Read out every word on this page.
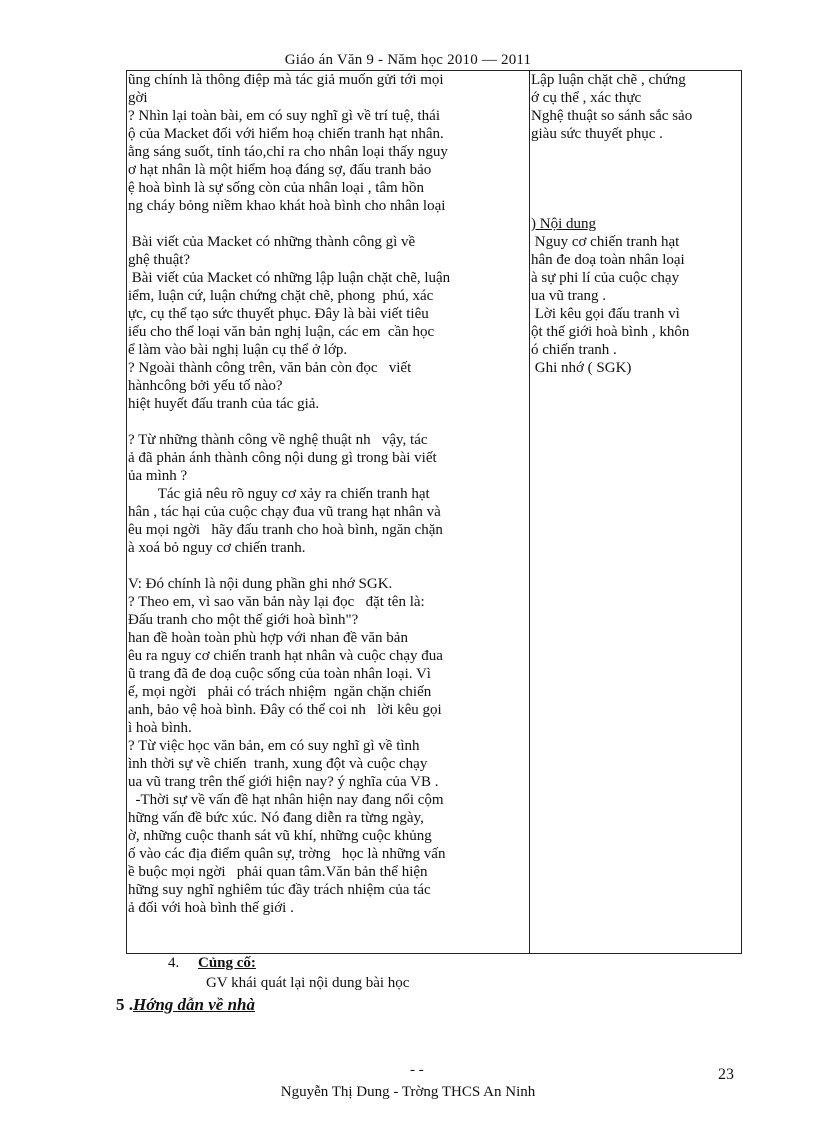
Giáo án Văn 9 - Năm học 2010 — 2011
ũng chính là thông điệp mà tác giả muốn gửi tới mọi
gời
? Nhìn lại toàn bài, em có suy nghĩ gì về trí tuệ, thái
ộ của Macket đối với hiểm hoạ chiến tranh hạt nhân.
ằng sáng suốt, tỉnh táo,chỉ ra cho nhân loại thấy nguy
ơ hạt nhân là một hiểm hoạ đáng sợ, đấu tranh bảo
ệ hoà bình là sự sống còn của nhân loại , tâm hồn
ng cháy bỏng niềm khao khát hoà bình cho nhân loại
Bài viết của Macket có những thành công gì về
ghệ thuật?
Bài viết của Macket có những lập luận chặt chẽ, luận
iểm, luận cứ, luận chứng chặt chẽ, phong  phú, xác
ực, cụ thể tạo sức thuyết phục. Đây là bài viết tiêu
iểu cho thể loại văn bản nghị luận, các em  cần học
ể làm vào bài nghị luận cụ thể ở lớp.
? Ngoài thành công trên, văn bản còn đọc   viết
hànhcông bởi yếu tố nào?
hiệt huyết đấu tranh của tác giả.
? Từ những thành công về nghệ thuật nh   vậy, tác
ả đã phản ánh thành công nội dung gì trong bài viết
ủa mình ?
Tác giả nêu rõ nguy cơ xảy ra chiến tranh hạt
hân , tác hại của cuộc chạy đua vũ trang hạt nhân và
êu mọi ngời   hãy đấu tranh cho hoà bình, ngăn chặn
à xoá bỏ nguy cơ chiến tranh.
V: Đó chính là nội dung phần ghi nhớ SGK.
? Theo em, vì sao văn bản này lại đọc   đặt tên là:
Đấu tranh cho một thế giới hoà bình"?
han đề hoàn toàn phù hợp với nhan đề văn bản
êu ra nguy cơ chiến tranh hạt nhân và cuộc chạy đua
ũ trang đã đe doạ cuộc sống của toàn nhân loại. Vì
ế, mọi ngời   phải có trách nhiệm  ngăn chặn chiến
anh, bảo vệ hoà bình. Đây có thể coi nh   lời kêu gọi
ì hoà bình.
? Từ việc học văn bản, em có suy nghĩ gì về tình
ình thời sự về chiến  tranh, xung đột và cuộc chạy
ua vũ trang trên thế giới hiện nay? ý nghĩa của VB .
-Thời sự về vấn đề hạt nhân hiện nay đang nổi cộm
hững vấn đề bức xúc. Nó đang diễn ra từng ngày,
ờ, những cuộc thanh sát vũ khí, những cuộc khủng
ố vào các địa điểm quân sự, trờng   học là những vấn
ề buộc mọi ngời   phải quan tâm.Văn bản thể hiện
hững suy nghĩ nghiêm túc đầy trách nhiệm của tác
ả đối với hoà bình thế giới .
Lập luận chặt chẽ , chứng
ớ cụ thể , xác thực
Nghệ thuật so sánh sắc sảo
giàu sức thuyết phục .
) Nội dung
Nguy cơ chiến tranh hạt
hân đe doạ toàn nhân loại
à sự phi lí của cuộc chạy
ua vũ trang .
Lời kêu gọi đấu tranh vì
ột thế giới hoà bình , khôn
ó chiến tranh .
Ghi nhớ ( SGK)
4. Củng cố:
GV khái quát lại nội dung bài học
5 .Hớng dẫn về nhà
- -	23
Nguyễn Thị Dung - Trờng THCS An Ninh
